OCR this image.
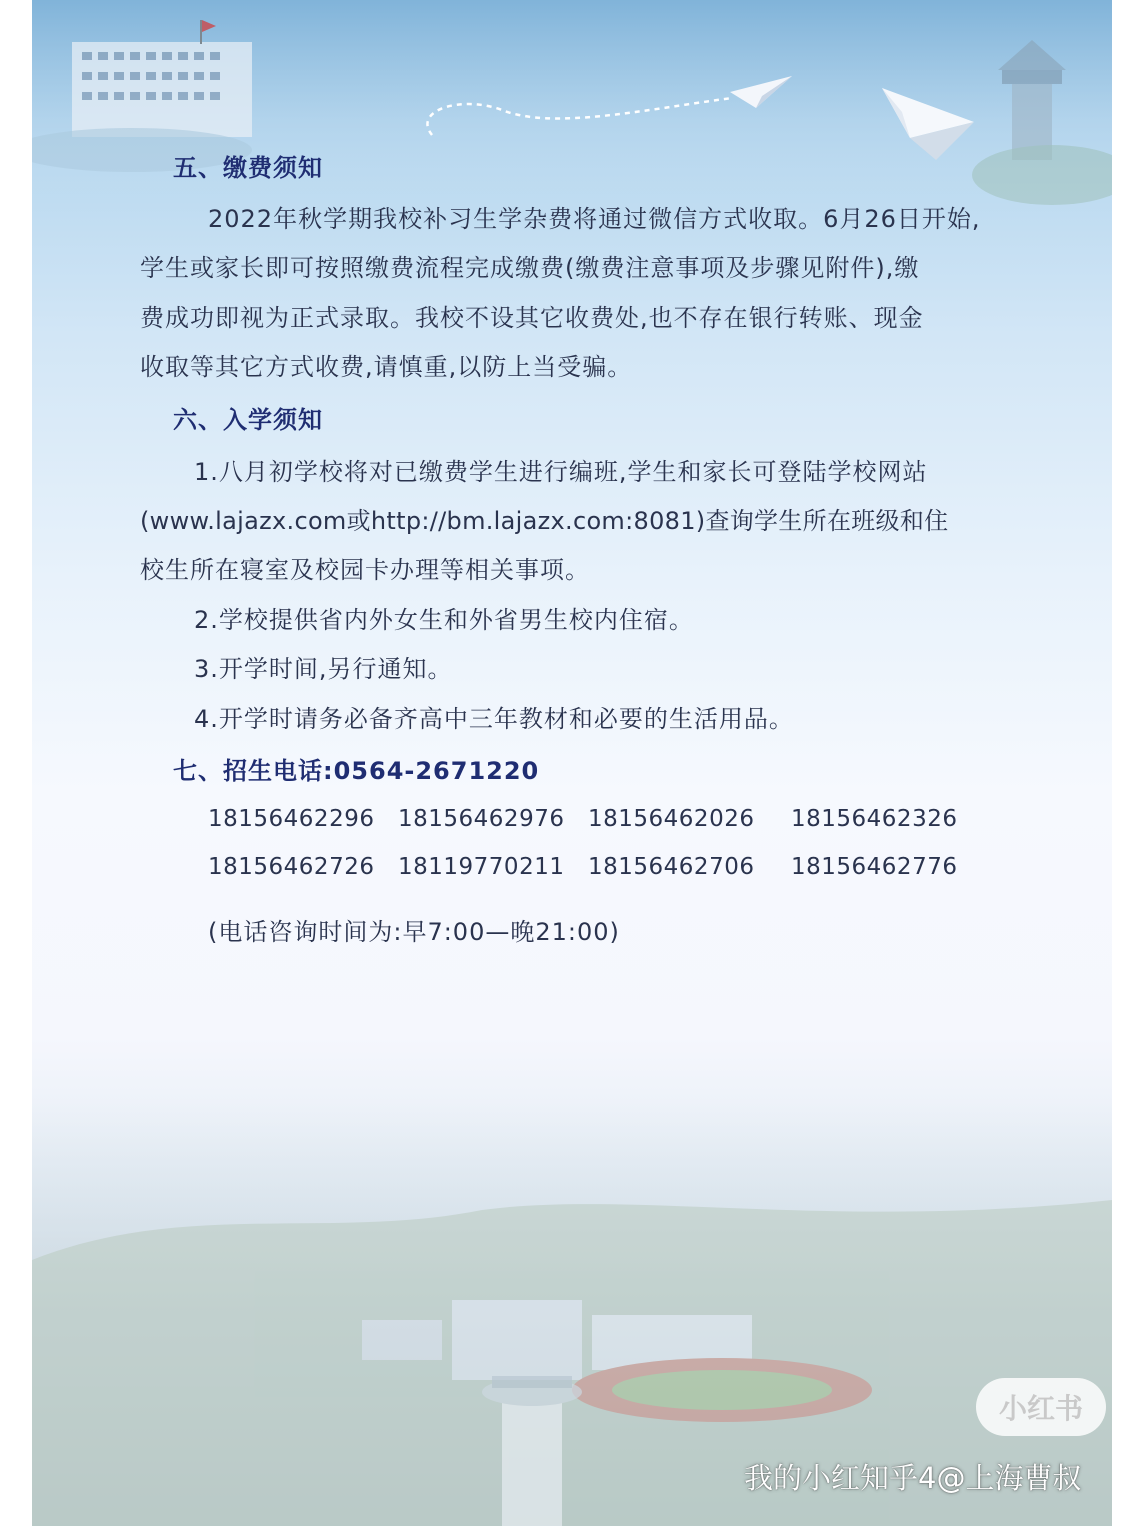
五、缴费须知
2022年秋学期我校补习生学杂费将通过微信方式收取。6月26日开始,
学生或家长即可按照缴费流程完成缴费(缴费注意事项及步骤见附件),缴
费成功即视为正式录取。我校不设其它收费处,也不存在银行转账、现金
收取等其它方式收费,请慎重,以防上当受骗。
六、入学须知
1.八月初学校将对已缴费学生进行编班,学生和家长可登陆学校网站
(www.lajazx.com或http://bm.lajazx.com:8081)查询学生所在班级和住
校生所在寝室及校园卡办理等相关事项。
2.学校提供省内外女生和外省男生校内住宿。
3.开学时间,另行通知。
4.开学时请务必备齐高中三年教材和必要的生活用品。
七、招生电话:0564-2671220
18156462296 18156462976 18156462026 18156462326
18156462726 18119770211 18156462706 18156462776
(电话咨询时间为:早7:00—晚21:00)
小红书
我的小红知乎4@上海曹叔
